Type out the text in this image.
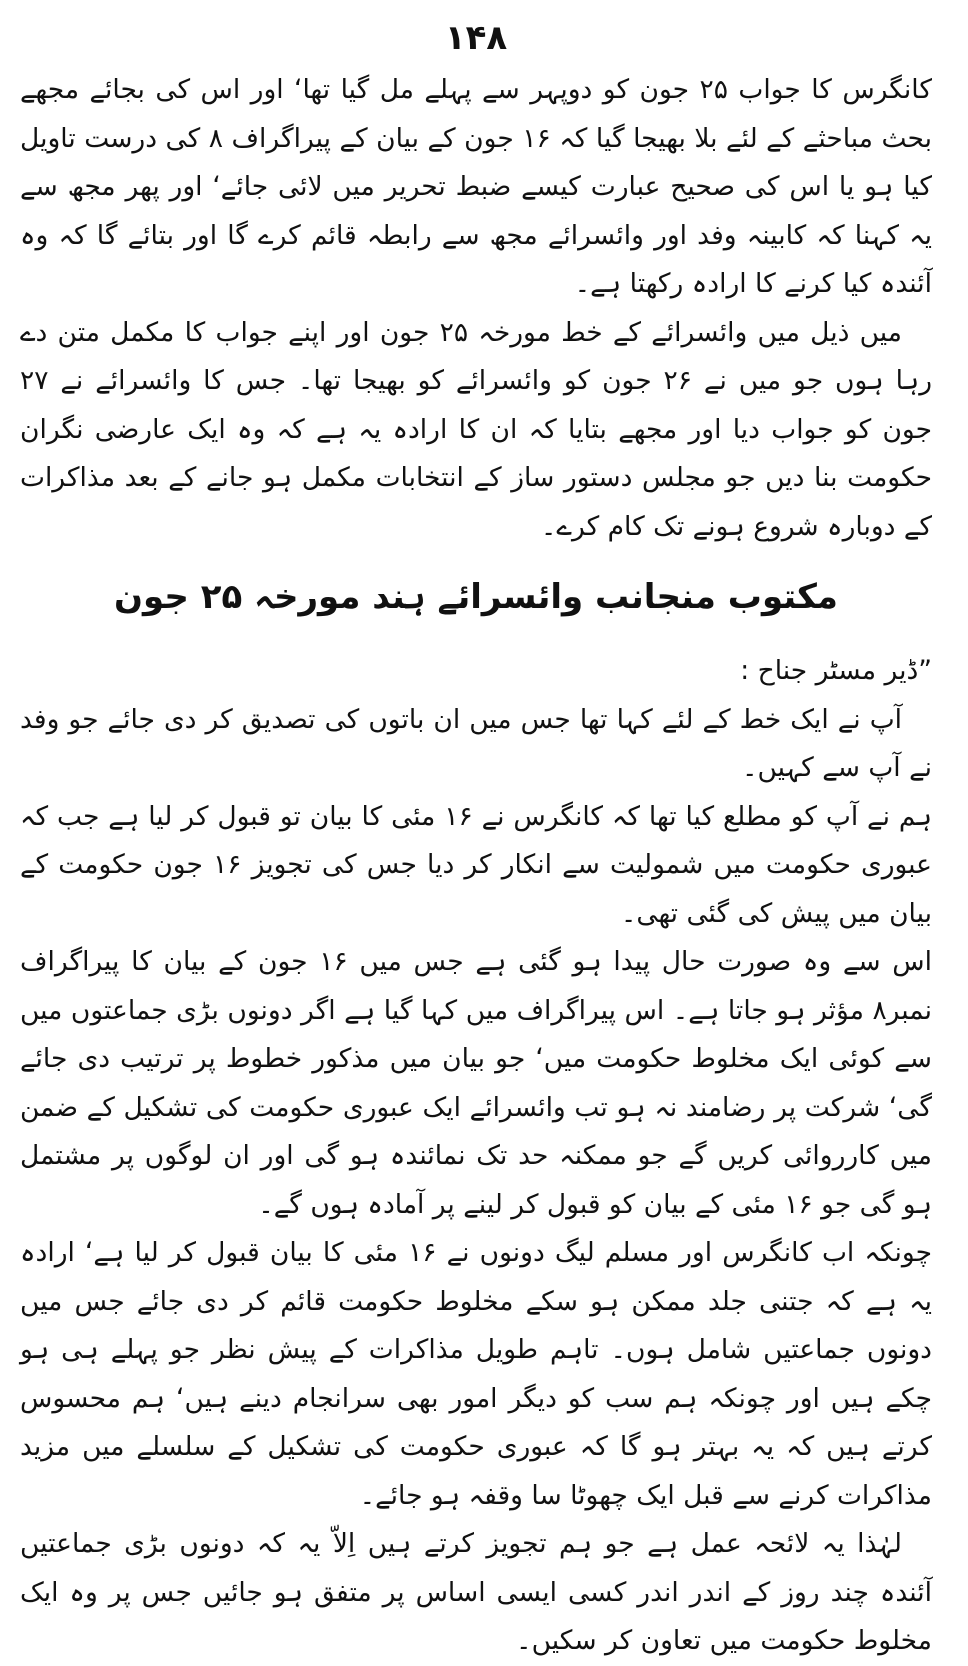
۱۴۸

کانگرس کا جواب ۲۵ جون کو دوپہر سے پہلے مل گیا تھا‘ اور اس کی بجائے مجھے بحث مباحثے کے لئے بلا بھیجا گیا کہ ۱۶ جون کے بیان کے پیراگراف ۸ کی درست تاویل کیا ہو یا اس کی صحیح عبارت کیسے ضبط تحریر میں لائی جائے‘ اور پھر مجھ سے یہ کہنا کہ کابینہ وفد اور وائسرائے مجھ سے رابطہ قائم کرے گا اور بتائے گا کہ وہ آئندہ کیا کرنے کا ارادہ رکھتا ہے۔

میں ذیل میں وائسرائے کے خط مورخہ ۲۵ جون اور اپنے جواب کا مکمل متن دے رہا ہوں جو میں نے ۲۶ جون کو وائسرائے کو بھیجا تھا۔ جس کا وائسرائے نے ۲۷ جون کو جواب دیا اور مجھے بتایا کہ ان کا ارادہ یہ ہے کہ وہ ایک عارضی نگران حکومت بنا دیں جو مجلس دستور ساز کے انتخابات مکمل ہو جانے کے بعد مذاکرات کے دوبارہ شروع ہونے تک کام کرے۔

مکتوب منجانب وائسرائے ہند مورخہ ۲۵ جون
”ڈیر مسٹر جناح :

آپ نے ایک خط کے لئے کہا تھا جس میں ان باتوں کی تصدیق کر دی جائے جو وفد نے آپ سے کہیں۔

ہم نے آپ کو مطلع کیا تھا کہ کانگرس نے ۱۶ مئی کا بیان تو قبول کر لیا ہے جب کہ عبوری حکومت میں شمولیت سے انکار کر دیا جس کی تجویز ۱۶ جون حکومت کے بیان میں پیش کی گئی تھی۔

اس سے وہ صورت حال پیدا ہو گئی ہے جس میں ۱۶ جون کے بیان کا پیراگراف نمبر۸ مؤثر ہو جاتا ہے۔ اس پیراگراف میں کہا گیا ہے اگر دونوں بڑی جماعتوں میں سے کوئی ایک مخلوط حکومت میں‘ جو بیان میں مذکور خطوط پر ترتیب دی جائے گی‘ شرکت پر رضامند نہ ہو تب وائسرائے ایک عبوری حکومت کی تشکیل کے ضمن میں کارروائی کریں گے جو ممکنہ حد تک نمائندہ ہو گی اور ان لوگوں پر مشتمل ہو گی جو ۱۶ مئی کے بیان کو قبول کر لینے پر آمادہ ہوں گے۔

چونکہ اب کانگرس اور مسلم لیگ دونوں نے ۱۶ مئی کا بیان قبول کر لیا ہے‘ ارادہ یہ ہے کہ جتنی جلد ممکن ہو سکے مخلوط حکومت قائم کر دی جائے جس میں دونوں جماعتیں شامل ہوں۔ تاہم طویل مذاکرات کے پیش نظر جو پہلے ہی ہو چکے ہیں اور چونکہ ہم سب کو دیگر امور بھی سرانجام دینے ہیں‘ ہم محسوس کرتے ہیں کہ یہ بہتر ہو گا کہ عبوری حکومت کی تشکیل کے سلسلے میں مزید مذاکرات کرنے سے قبل ایک چھوٹا سا وقفہ ہو جائے۔

لہٰذا یہ لائحہ عمل ہے جو ہم تجویز کرتے ہیں اِلاّ یہ کہ دونوں بڑی جماعتیں آئندہ چند روز کے اندر اندر کسی ایسی اساس پر متفق ہو جائیں جس پر وہ ایک مخلوط حکومت میں تعاون کر سکیں۔
